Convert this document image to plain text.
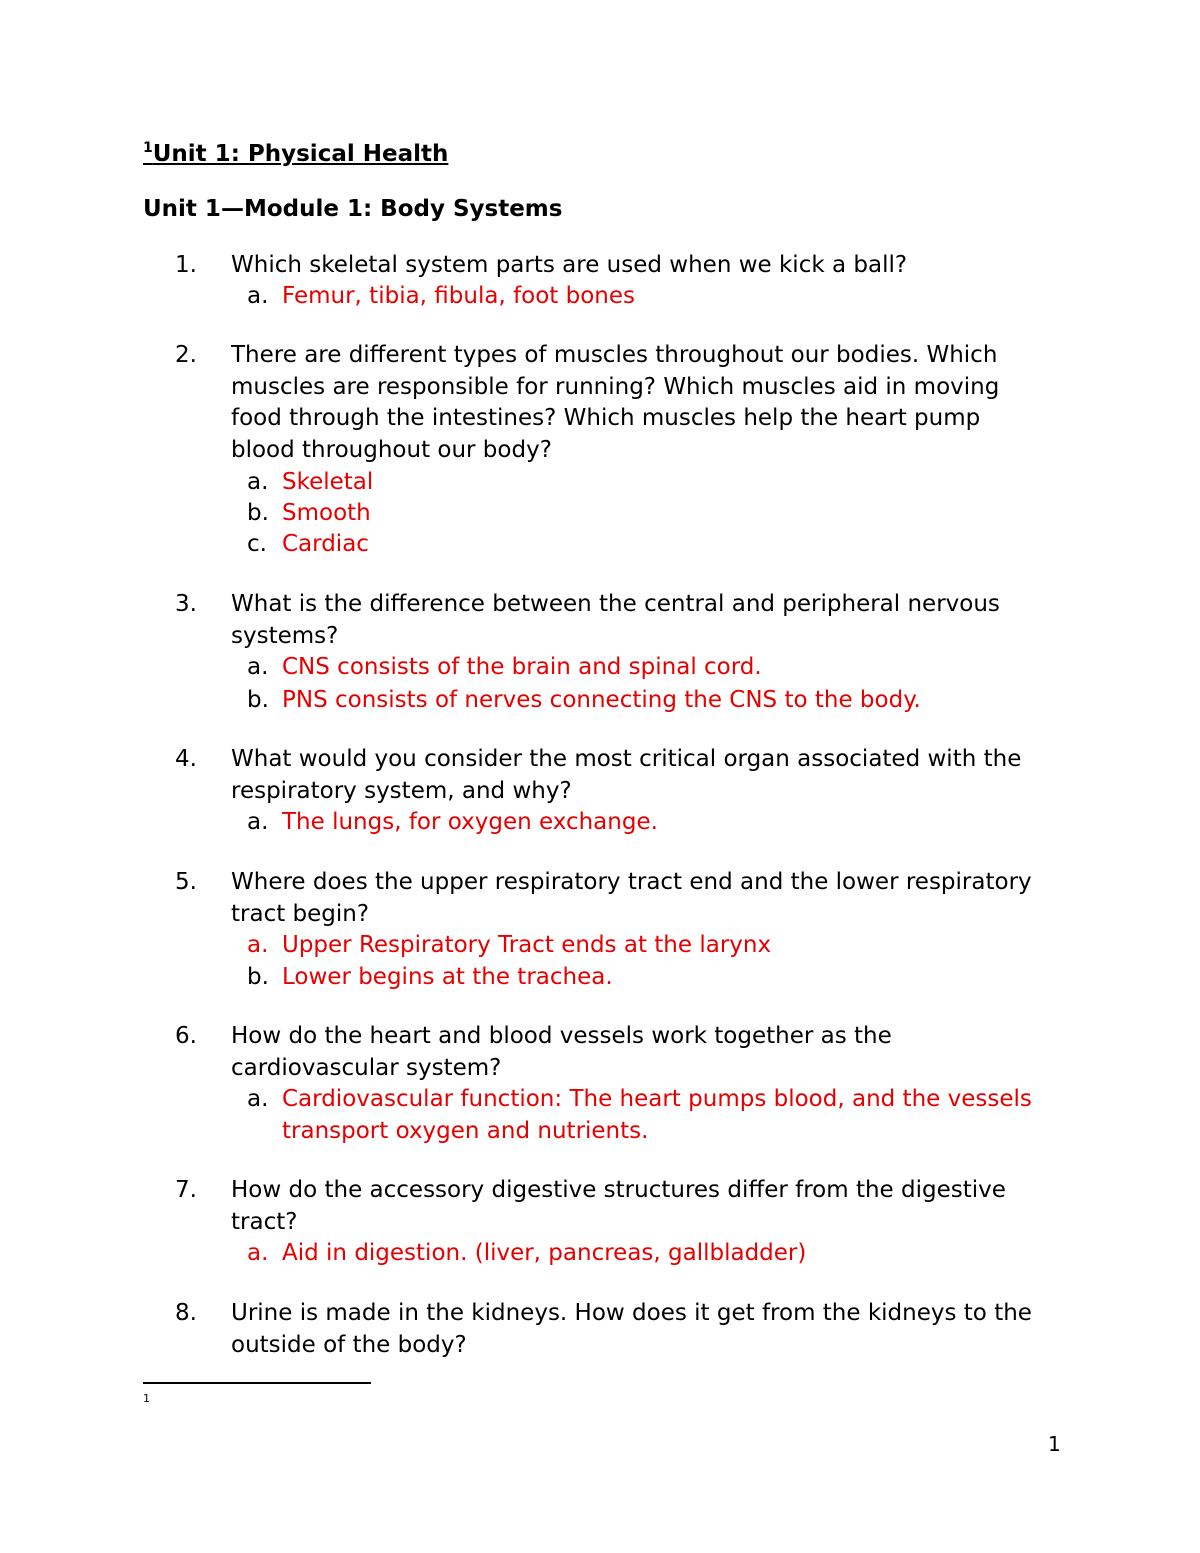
$^1$Unit 1: Physical Health
Unit 1—Module 1: Body Systems
1. Which skeletal system parts are used when we kick a ball?
a. Femur, tibia, fibula, foot bones
2. There are different types of muscles throughout our bodies. Which
muscles are responsible for running? Which muscles aid in moving
food through the intestines? Which muscles help the heart pump
blood throughout our body?
a. Skeletal
b. Smooth
c. Cardiac
3. What is the difference between the central and peripheral nervous
systems?
a. CNS consists of the brain and spinal cord.
b. PNS consists of nerves connecting the CNS to the body.
4. What would you consider the most critical organ associated with the
respiratory system, and why?
a. The lungs, for oxygen exchange.
5. Where does the upper respiratory tract end and the lower respiratory
tract begin?
a. Upper Respiratory Tract ends at the larynx
b. Lower begins at the trachea.
6. How do the heart and blood vessels work together as the
cardiovascular system?
a. Cardiovascular function: The heart pumps blood, and the vessels
transport oxygen and nutrients.
7. How do the accessory digestive structures differ from the digestive
tract?
a. Aid in digestion. (liver, pancreas, gallbladder)
8. Urine is made in the kidneys. How does it get from the kidneys to the
outside of the body?
1
1
